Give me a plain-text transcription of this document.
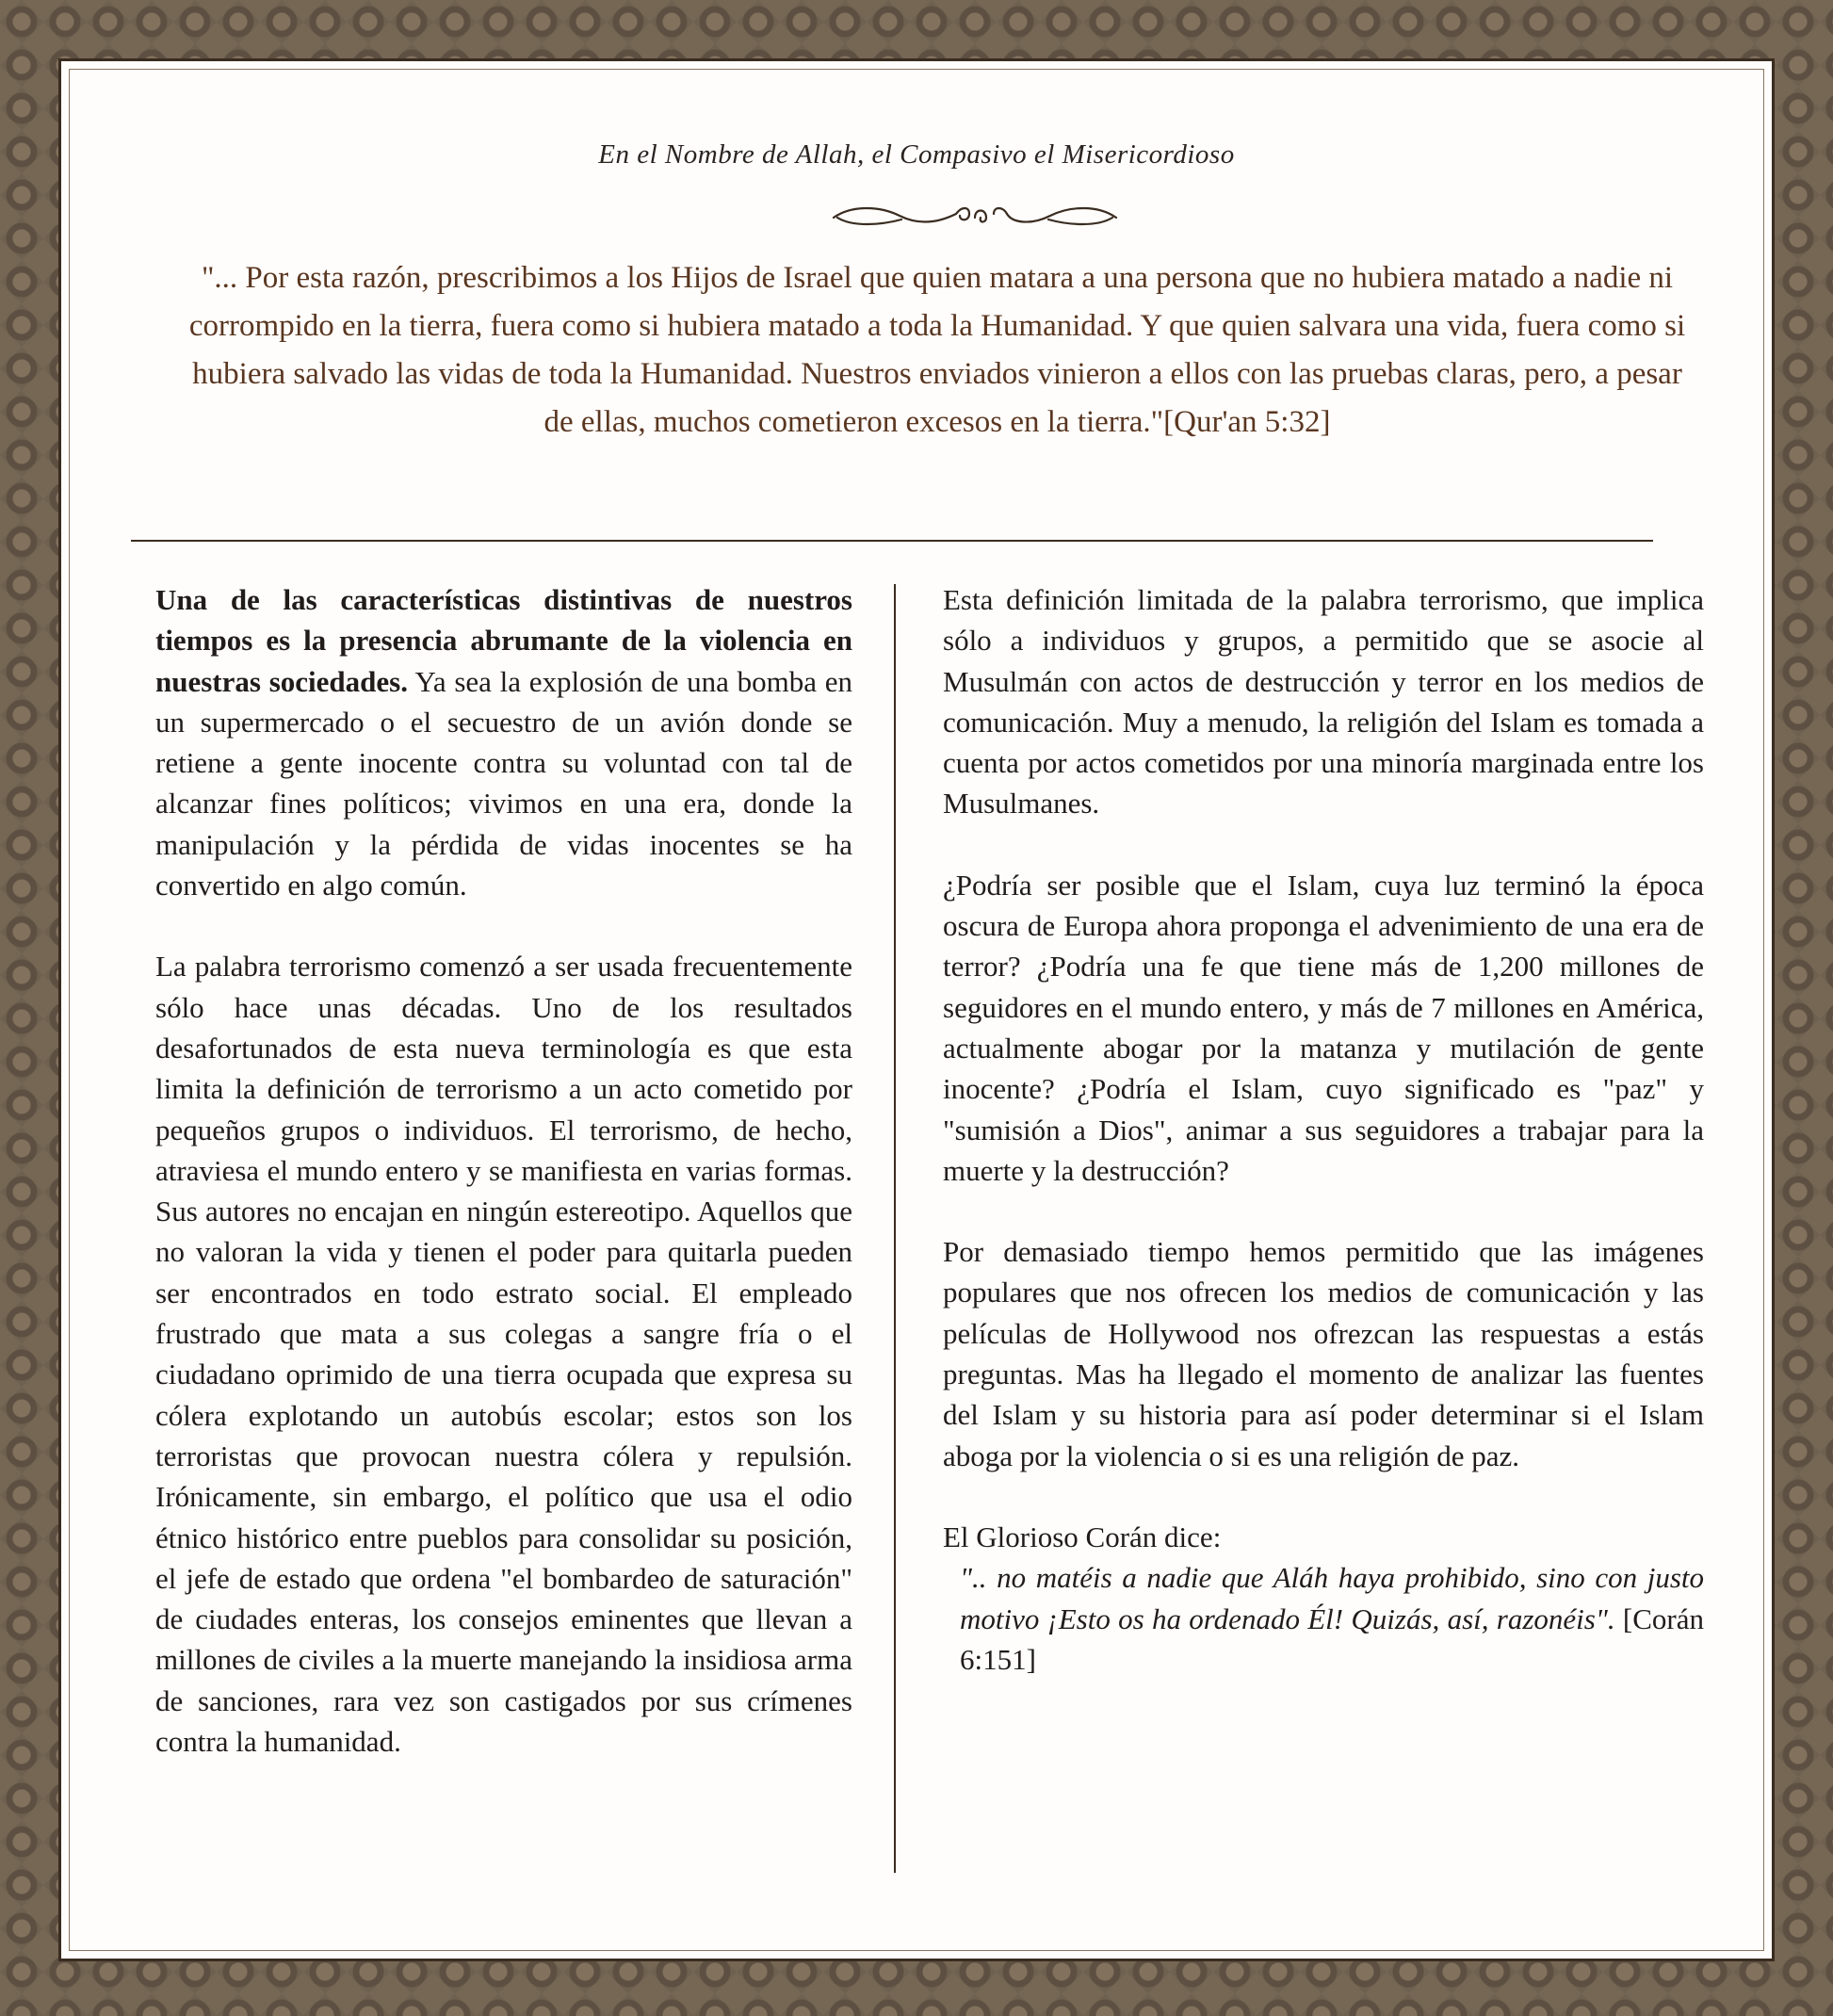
En el Nombre de Allah, el Compasivo el Misericordioso
"... Por esta razón, prescribimos a los Hijos de Israel que quien matara a una persona que no hubiera matado a nadie ni corrompido en la tierra, fuera como si hubiera matado a toda la Humanidad. Y que quien salvara una vida, fuera como si hubiera salvado las vidas de toda la Humanidad. Nuestros enviados vinieron a ellos con las pruebas claras, pero, a pesar de ellas, muchos cometieron excesos en la tierra."[Qur'an 5:32]

Una de las características distintivas de nuestros tiempos es la presencia abrumante de la violencia en nuestras sociedades. Ya sea la explosión de una bomba en un supermercado o el secuestro de un avión donde se retiene a gente inocente contra su voluntad con tal de alcanzar fines políticos; vivimos en una era, donde la manipulación y la pérdida de vidas inocentes se ha convertido en algo común.

La palabra terrorismo comenzó a ser usada frecuentemente sólo hace unas décadas. Uno de los resultados desafortunados de esta nueva terminología es que esta limita la definición de terrorismo a un acto cometido por pequeños grupos o individuos. El terrorismo, de hecho, atraviesa el mundo entero y se manifiesta en varias formas. Sus autores no encajan en ningún estereotipo. Aquellos que no valoran la vida y tienen el poder para quitarla pueden ser encontrados en todo estrato social. El empleado frustrado que mata a sus colegas a sangre fría o el ciudadano oprimido de una tierra ocupada que expresa su cólera explotando un autobús escolar; estos son los terroristas que provocan nuestra cólera y repulsión. Irónicamente, sin embargo, el político que usa el odio étnico histórico entre pueblos para consolidar su posición, el jefe de estado que ordena "el bombardeo de saturación" de ciudades enteras, los consejos eminentes que llevan a millones de civiles a la muerte manejando la insidiosa arma de sanciones, rara vez son castigados por sus crímenes contra la humanidad.

Esta definición limitada de la palabra terrorismo, que implica sólo a individuos y grupos, a permitido que se asocie al Musulmán con actos de destrucción y terror en los medios de comunicación. Muy a menudo, la religión del Islam es tomada a cuenta por actos cometidos por una minoría marginada entre los Musulmanes.

¿Podría ser posible que el Islam, cuya luz terminó la época oscura de Europa ahora proponga el advenimiento de una era de terror? ¿Podría una fe que tiene más de 1,200 millones de seguidores en el mundo entero, y más de 7 millones en América, actualmente abogar por la matanza y mutilación de gente inocente? ¿Podría el Islam, cuyo significado es "paz" y "sumisión a Dios", animar a sus seguidores a trabajar para la muerte y la destrucción?

Por demasiado tiempo hemos permitido que las imágenes populares que nos ofrecen los medios de comunicación y las películas de Hollywood nos ofrezcan las respuestas a estás preguntas. Mas ha llegado el momento de analizar las fuentes del Islam y su historia para así poder determinar si el Islam aboga por la violencia o si es una religión de paz.

El Glorioso Corán dice:

".. no matéis a nadie que Aláh haya prohibido, sino con justo motivo ¡Esto os ha ordenado Él! Quizás, así, razonéis". [Corán 6:151]
